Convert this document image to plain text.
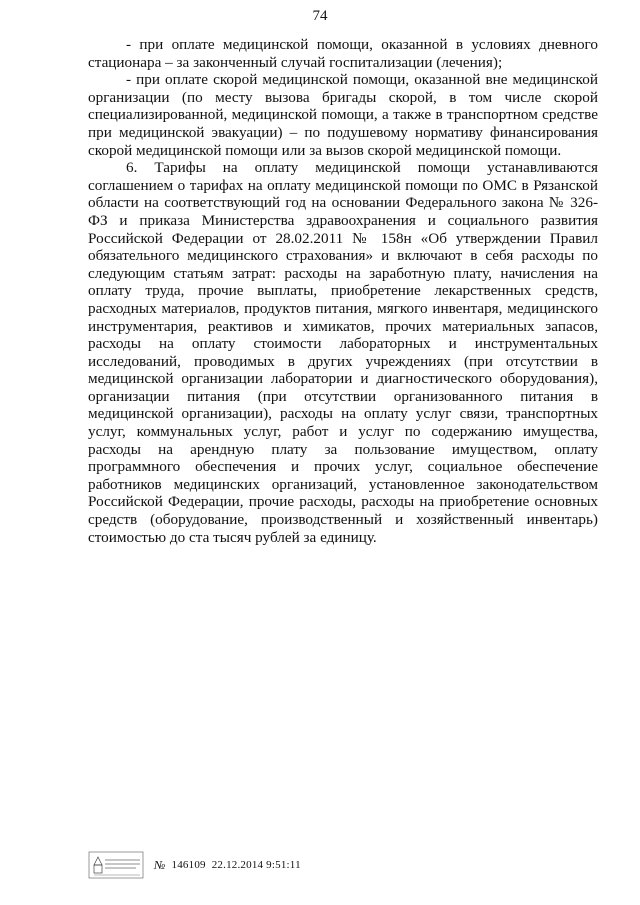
74

- при оплате медицинской помощи, оказанной в условиях дневного стационара – за законченный случай госпитализации (лечения);

- при оплате скорой медицинской помощи, оказанной вне медицинской организации (по месту вызова бригады скорой, в том числе скорой специализированной, медицинской помощи, а также в транспортном средстве при медицинской эвакуации) – по подушевому нормативу финансирования скорой медицинской помощи или за вызов скорой медицинской помощи.

6. Тарифы на оплату медицинской помощи устанавливаются соглашением о тарифах на оплату медицинской помощи по ОМС в Рязанской области на соответствующий год на основании Федерального закона № 326-ФЗ и приказа Министерства здравоохранения и социального развития Российской Федерации от 28.02.2011 № 158н «Об утверждении Правил обязательного медицинского страхования» и включают в себя расходы по следующим статьям затрат: расходы на заработную плату, начисления на оплату труда, прочие выплаты, приобретение лекарственных средств, расходных материалов, продуктов питания, мягкого инвентаря, медицинского инструментария, реактивов и химикатов, прочих материальных запасов, расходы на оплату стоимости лабораторных и инструментальных исследований, проводимых в других учреждениях (при отсутствии в медицинской организации лаборатории и диагностического оборудования), организации питания (при отсутствии организованного питания в медицинской организации), расходы на оплату услуг связи, транспортных услуг, коммунальных услуг, работ и услуг по содержанию имущества, расходы на арендную плату за пользование имуществом, оплату программного обеспечения и прочих услуг, социальное обеспечение работников медицинских организаций, установленное законодательством Российской Федерации, прочие расходы, расходы на приобретение основных средств (оборудование, производственный и хозяйственный инвентарь) стоимостью до ста тысяч рублей за единицу.

№ 146109 22.12.2014 9:51:11
